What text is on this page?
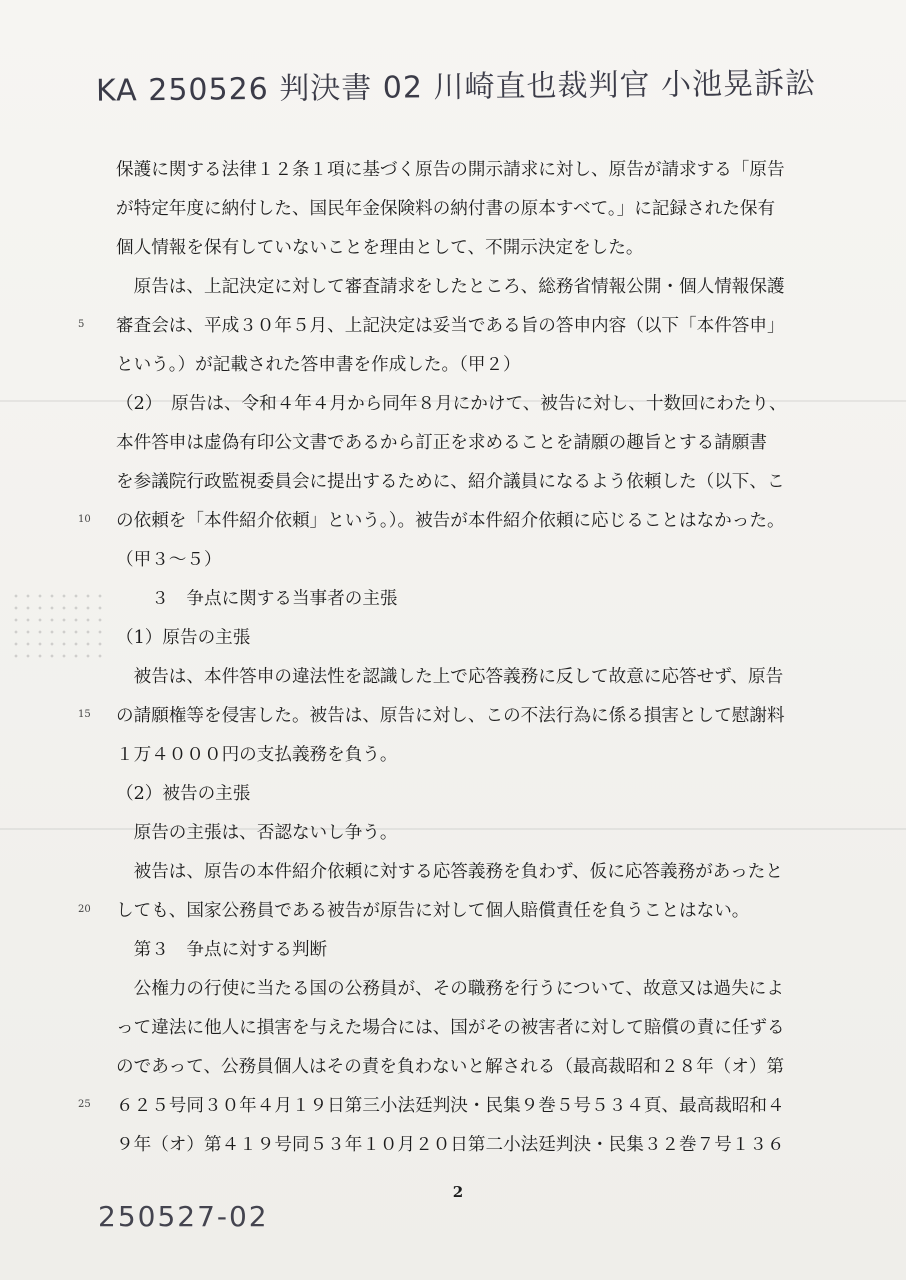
KA 250526 判決書 02 川崎直也裁判官 小池晃訴訟
保護に関する法律１２条１項に基づく原告の開示請求に対し、原告が請求する「原告
が特定年度に納付した、国民年金保険料の納付書の原本すべて。」に記録された保有
個人情報を保有していないことを理由として、不開示決定をした。
　原告は、上記決定に対して審査請求をしたところ、総務省情報公開・個人情報保護
審査会は、平成３０年５月、上記決定は妥当である旨の答申内容（以下「本件答申」
という。）が記載された答申書を作成した。（甲２）
（2）　原告は、令和４年４月から同年８月にかけて、被告に対し、十数回にわたり、
本件答申は虚偽有印公文書であるから訂正を求めることを請願の趣旨とする請願書
を参議院行政監視委員会に提出するために、紹介議員になるよう依頼した（以下、こ
の依頼を「本件紹介依頼」という。）。被告が本件紹介依頼に応じることはなかった。
（甲３～５）
　　３　争点に関する当事者の主張
（1）原告の主張
　被告は、本件答申の違法性を認識した上で応答義務に反して故意に応答せず、原告
の請願権等を侵害した。被告は、原告に対し、この不法行為に係る損害として慰謝料
１万４０００円の支払義務を負う。
（2）被告の主張
　原告の主張は、否認ないし争う。
　被告は、原告の本件紹介依頼に対する応答義務を負わず、仮に応答義務があったと
しても、国家公務員である被告が原告に対して個人賠償責任を負うことはない。
　第３　争点に対する判断
　公権力の行使に当たる国の公務員が、その職務を行うについて、故意又は過失によ
って違法に他人に損害を与えた場合には、国がその被害者に対して賠償の責に任ずる
のであって、公務員個人はその責を負わないと解される（最高裁昭和２８年（オ）第
６２５号同３０年４月１９日第三小法廷判決・民集９巻５号５３４頁、最高裁昭和４
９年（オ）第４１９号同５３年１０月２０日第二小法廷判決・民集３２巻７号１３６
5
10
15
20
25
2
250527-02
